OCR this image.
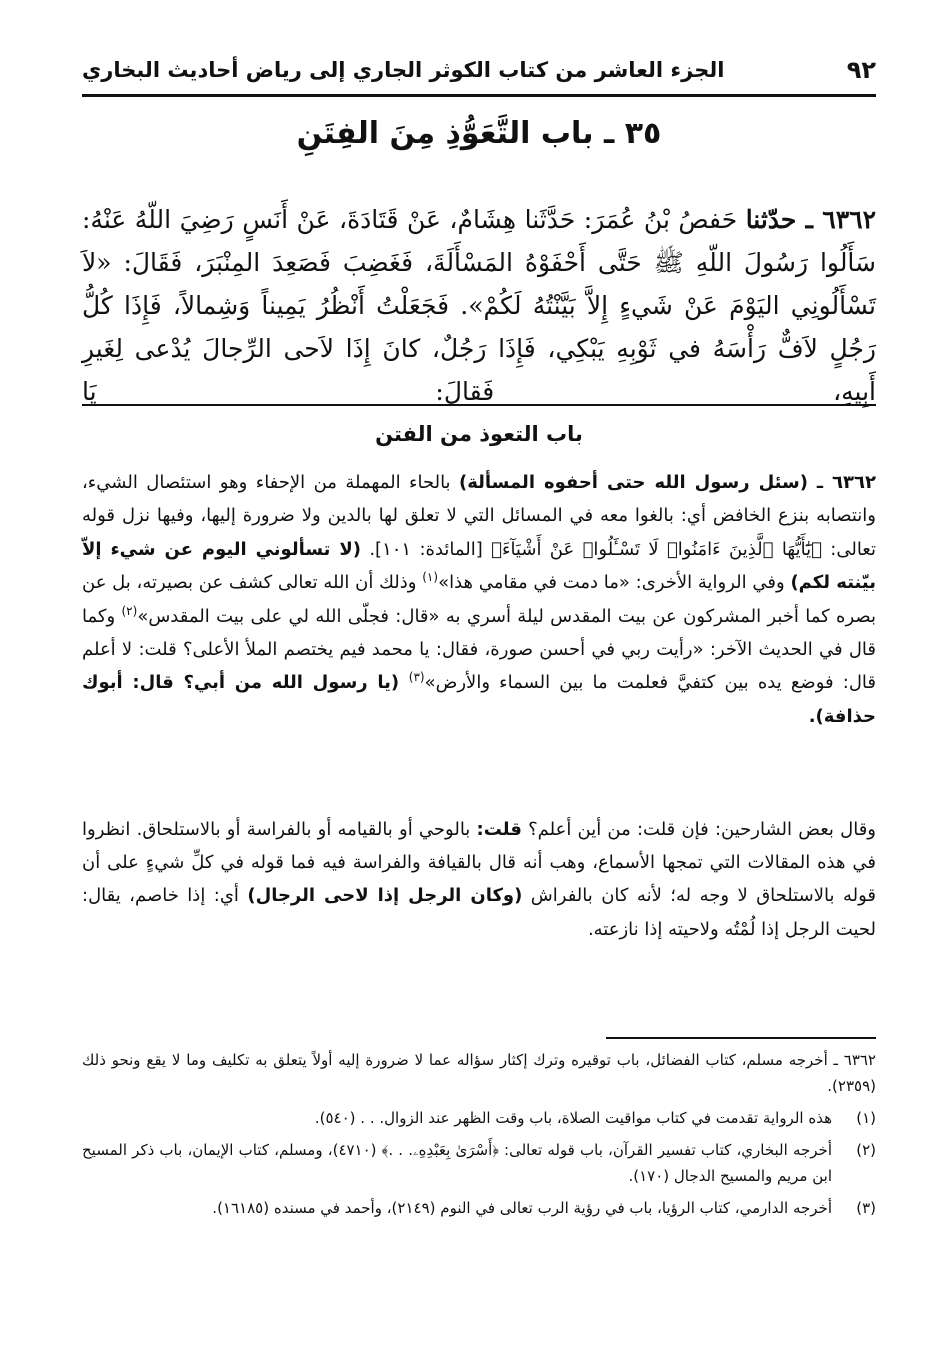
٩٢
الجزء العاشر من كتاب الكوثر الجاري إلى رياض أحاديث البخاري
٣٥ ـ باب التَّعَوُّذِ مِنَ الفِتَنِ
٦٣٦٢ ـ حدّثنا حَفصُ بْنُ عُمَرَ: حَدَّثَنا هِشَامٌ، عَنْ قَتَادَةَ، عَنْ أَنَسٍ رَضِيَ اللّهُ عَنْهُ: سَأَلُوا رَسُولَ اللّهِ ﷺ حَتَّى أَحْفَوْهُ المَسْأَلَةَ، فَغَضِبَ فَصَعِدَ المِنْبَرَ، فَقَالَ: «لاَ تَسْأَلُونِي اليَوْمَ عَنْ شَيءٍ إِلاَّ بَيَّنْتُهُ لَكُمْ». فَجَعَلْتُ أَنْظُرُ يَمِيناً وَشِمالاً، فَإِذَا كُلُّ رَجُلٍ لاَفٌّ رَأْسَهُ في ثَوْبِهِ يَبْكِي، فَإِذَا رَجُلٌ، كانَ إِذَا لاَحى الرِّجالَ يُدْعى لِغَيرِ أَبِيهِ، فَقالَ: يَا
باب التعوذ من الفتن
٦٣٦٢ ـ (سئل رسول الله حتى أحفوه المسألة) بالحاء المهملة من الإحفاء وهو استئصال الشيء، وانتصابه بنزع الخافض أي: بالغوا معه في المسائل التي لا تعلق لها بالدين ولا ضرورة إليها، وفيها نزل قوله تعالى: ﴿يَٰٓأَيُّهَا ٱلَّذِينَ ءَامَنُوا۟ لَا تَسْـَٔلُوا۟ عَنْ أَشْيَآءَ﴾ [المائدة: ١٠١]. (لا تسألوني اليوم عن شيء إلاّ بيّنته لكم) وفي الرواية الأخرى: «ما دمت في مقامي هذا»$^{(١)}$ وذلك أن الله تعالى كشف عن بصيرته، بل عن بصره كما أخبر المشركون عن بيت المقدس ليلة أسري به «قال: فجلّى الله لي على بيت المقدس»$^{(٢)}$ وكما قال في الحديث الآخر: «رأيت ربي في أحسن صورة، فقال: يا محمد فيم يختصم الملأ الأعلى؟ قلت: لا أعلم قال: فوضع يده بين كتفيَّ فعلمت ما بين السماء والأرض»$^{(٣)}$ (يا رسول الله من أبي؟ قال: أبوك حذافة).
وقال بعض الشارحين: فإن قلت: من أين أعلم؟ قلت: بالوحي أو بالقيامه أو بالفراسة أو بالاستلحاق. انظروا في هذه المقالات التي تمجها الأسماع، وهب أنه قال بالقيافة والفراسة فيه فما قوله في كلِّ شيءٍ على أن قوله بالاستلحاق لا وجه له؛ لأنه كان بالفراش (وكان الرجل إذا لاحى الرجال) أي: إذا خاصم، يقال: لحيت الرجل إذا لُمْتُه ولاحيته إذا نازعته.
٦٣٦٢ ـ أخرجه مسلم، كتاب الفضائل، باب توقيره وترك إكثار سؤاله عما لا ضرورة إليه أولاً يتعلق به تكليف وما لا يقع ونحو ذلك (٢٣٥٩).
(١)
هذه الرواية تقدمت في كتاب مواقيت الصلاة، باب وقت الظهر عند الزوال. . . (٥٤٠).
(٢)
أخرجه البخاري، كتاب تفسير القرآن، باب قوله تعالى: ﴿أَسْرَىٰ بِعَبْدِهِۦ. . .﴾ (٤٧١٠)، ومسلم، كتاب الإيمان، باب ذكر المسيح ابن مريم والمسيح الدجال (١٧٠).
(٣)
أخرجه الدارمي، كتاب الرؤيا، باب في رؤية الرب تعالى في النوم (٢١٤٩)، وأحمد في مسنده (١٦١٨٥).
